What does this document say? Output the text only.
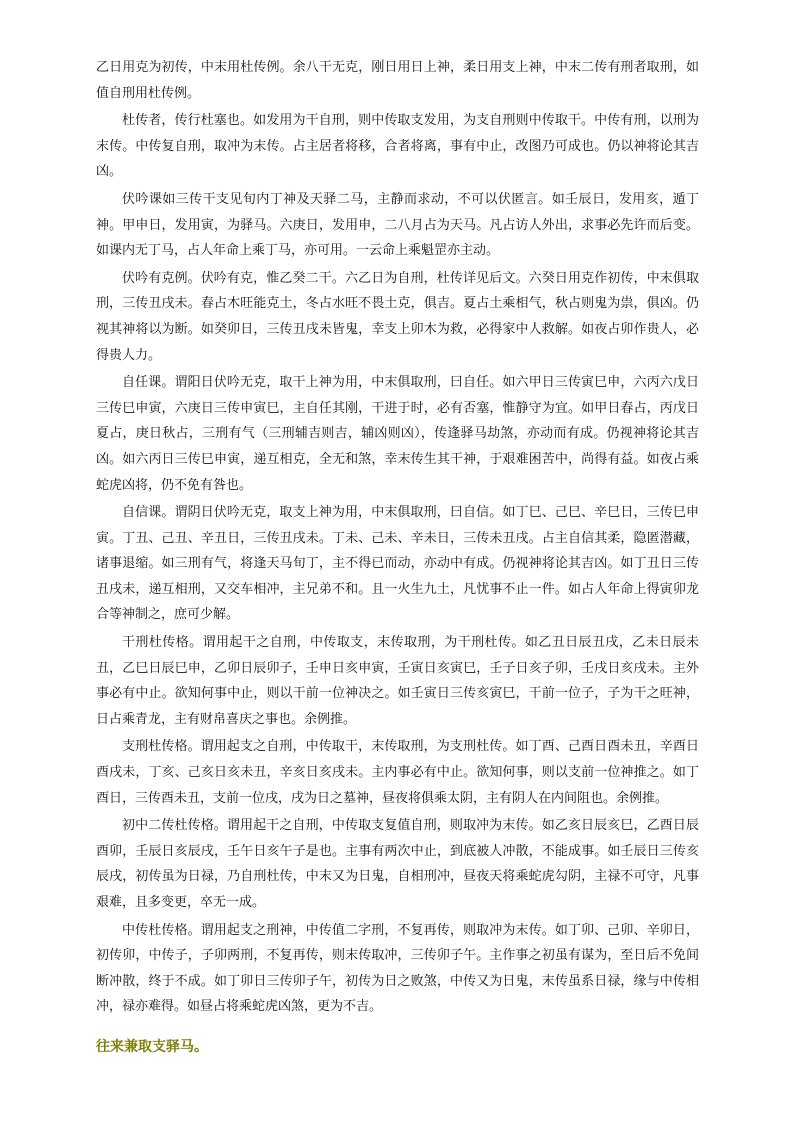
乙日用克为初传，中末用杜传例。余八干无克，刚日用日上神，柔日用支上神，中末二传有刑者取刑，如值自刑用杜传例。

杜传者，传行杜塞也。如发用为干自刑，则中传取支发用，为支自刑则中传取干。中传有刑，以刑为末传。中传复自刑，取冲为末传。占主居者将移，合者将离，事有中止，改图乃可成也。仍以神将论其吉凶。

伏吟课如三传干支见旬内丁神及天驿二马，主静而求动，不可以伏匿言。如壬辰日，发用亥，遁丁神。甲申日，发用寅，为驿马。六庚日，发用申，二八月占为天马。凡占访人外出，求事必先许而后变。如课内无丁马，占人年命上乘丁马，亦可用。一云命上乘魁罡亦主动。

伏吟有克例。伏吟有克，惟乙癸二干。六乙日为自刑，杜传详见后文。六癸日用克作初传，中末俱取刑，三传丑戌未。春占木旺能克土，冬占水旺不畏土克，俱吉。夏占土乘相气，秋占则鬼为祟，俱凶。仍视其神将以为断。如癸卯日，三传丑戌未皆鬼，幸支上卯木为救，必得家中人救解。如夜占卯作贵人，必得贵人力。

自任课。谓阳日伏吟无克，取干上神为用，中末俱取刑，曰自任。如六甲日三传寅巳申，六丙六戊日三传巳申寅，六庚日三传申寅巳，主自任其刚，干进于时，必有否塞，惟静守为宜。如甲日春占，丙戊日夏占，庚日秋占，三刑有气（三刑辅吉则吉，辅凶则凶），传逢驿马劫煞，亦动而有成。仍视神将论其吉凶。如六丙日三传巳申寅，递互相克，全无和煞，幸末传生其干神，于艰难困苦中，尚得有益。如夜占乘蛇虎凶将，仍不免有咎也。

自信课。谓阴日伏吟无克，取支上神为用，中末俱取刑，曰自信。如丁巳、己巳、辛巳日，三传巳申寅。丁丑、己丑、辛丑日，三传丑戌未。丁未、己未、辛未日，三传未丑戌。占主自信其柔，隐匿潜藏，诸事退缩。如三刑有气，将逢天马旬丁，主不得已而动，亦动中有成。仍视神将论其吉凶。如丁丑日三传丑戌未，递互相刑，又交车相冲，主兄弟不和。且一火生九土，凡忧事不止一件。如占人年命上得寅卯龙合等神制之，庶可少解。

干刑杜传格。谓用起干之自刑，中传取支，末传取刑，为干刑杜传。如乙丑日辰丑戌，乙未日辰未丑，乙巳日辰巳申，乙卯日辰卯子，壬申日亥申寅，壬寅日亥寅巳，壬子日亥子卯，壬戌日亥戌未。主外事必有中止。欲知何事中止，则以干前一位神决之。如壬寅日三传亥寅巳，干前一位子，子为干之旺神，日占乘青龙，主有财帛喜庆之事也。余例推。

支刑杜传格。谓用起支之自刑，中传取干，末传取刑，为支刑杜传。如丁酉、己酉日酉未丑，辛酉日酉戌未，丁亥、己亥日亥未丑，辛亥日亥戌未。主内事必有中止。欲知何事，则以支前一位神推之。如丁酉日，三传酉未丑，支前一位戌，戌为日之墓神，昼夜将俱乘太阴，主有阴人在内间阻也。余例推。

初中二传杜传格。谓用起干之自刑，中传取支复值自刑，则取冲为末传。如乙亥日辰亥巳，乙酉日辰酉卯，壬辰日亥辰戌，壬午日亥午子是也。主事有两次中止，到底被人冲散，不能成事。如壬辰日三传亥辰戌，初传虽为日禄，乃自刑杜传，中末又为日鬼，自相刑冲，昼夜天将乘蛇虎勾阴，主禄不可守，凡事艰难，且多变更，卒无一成。

中传杜传格。谓用起支之刑神，中传值二字刑，不复再传，则取冲为末传。如丁卯、己卯、辛卯日，初传卯，中传子，子卯两刑，不复再传，则末传取冲，三传卯子午。主作事之初虽有谋为，至日后不免间断冲散，终于不成。如丁卯日三传卯子午，初传为日之败煞，中传又为日鬼，末传虽系日禄，缘与中传相冲，禄亦难得。如昼占将乘蛇虎凶煞，更为不吉。

往来兼取支驿马。
